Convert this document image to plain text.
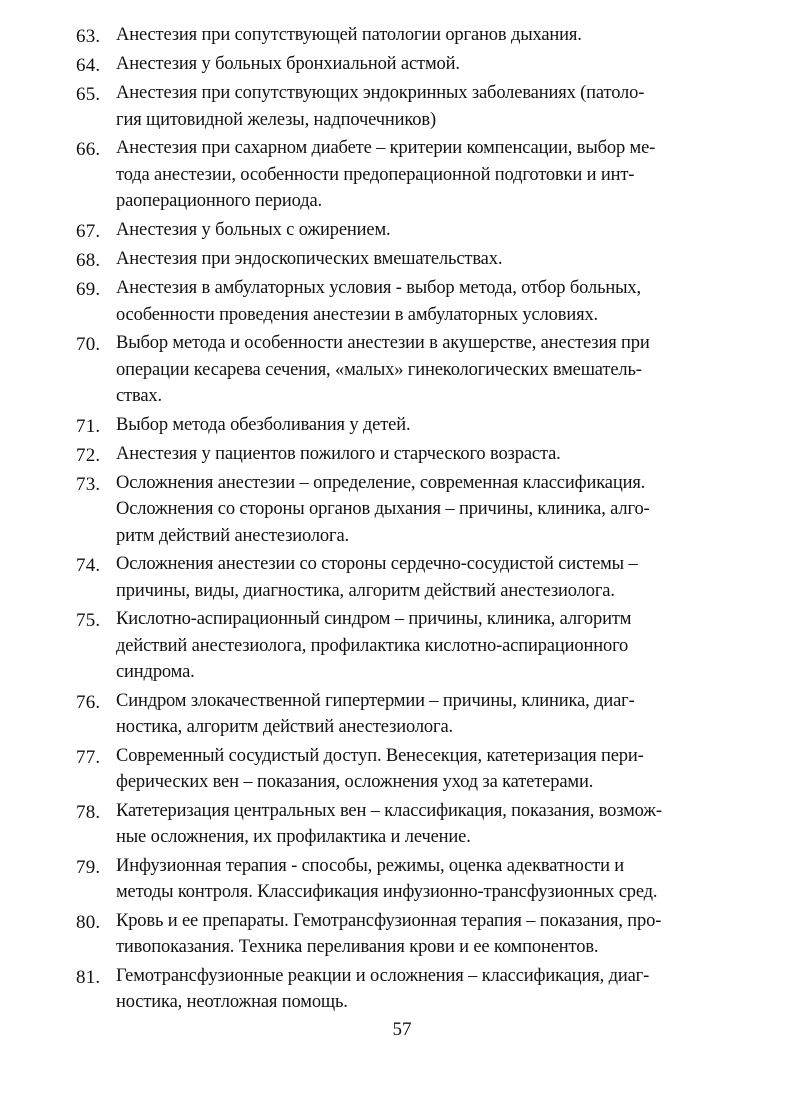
63. Анестезия при сопутствующей патологии органов дыхания.
64. Анестезия у больных бронхиальной астмой.
65. Анестезия при сопутствующих эндокринных заболеваниях (патоло-
гия щитовидной железы, надпочечников)
66. Анестезия при сахарном диабете – критерии компенсации, выбор ме-
тода анестезии, особенности предоперационной подготовки и инт-
раоперационного периода.
67. Анестезия у больных с ожирением.
68. Анестезия при эндоскопических вмешательствах.
69. Анестезия в амбулаторных условия - выбор метода, отбор больных,
особенности проведения анестезии в амбулаторных условиях.
70. Выбор метода и особенности анестезии в акушерстве, анестезия при
операции кесарева сечения, «малых» гинекологических вмешатель-
ствах.
71. Выбор метода обезболивания у детей.
72. Анестезия у пациентов пожилого и старческого возраста.
73. Осложнения анестезии – определение, современная классификация.
Осложнения со стороны органов дыхания – причины, клиника, алго-
ритм действий анестезиолога.
74. Осложнения анестезии со стороны сердечно-сосудистой системы –
причины, виды, диагностика, алгоритм действий анестезиолога.
75. Кислотно-аспирационный синдром – причины, клиника, алгоритм
действий анестезиолога, профилактика кислотно-аспирационного
синдрома.
76. Синдром злокачественной гипертермии – причины, клиника, диаг-
ностика, алгоритм действий анестезиолога.
77. Современный сосудистый доступ. Венесекция, катетеризация пери-
ферических вен – показания, осложнения уход за катетерами.
78. Катетеризация центральных вен – классификация, показания, возмож-
ные осложнения, их профилактика и лечение.
79. Инфузионная терапия - способы, режимы, оценка адекватности и
методы контроля. Классификация инфузионно-трансфузионных сред.
80. Кровь и ее препараты. Гемотрансфузионная терапия – показания, про-
тивопоказания. Техника переливания крови и ее компонентов.
81. Гемотрансфузионные реакции и осложнения – классификация, диаг-
ностика, неотложная помощь.
57
